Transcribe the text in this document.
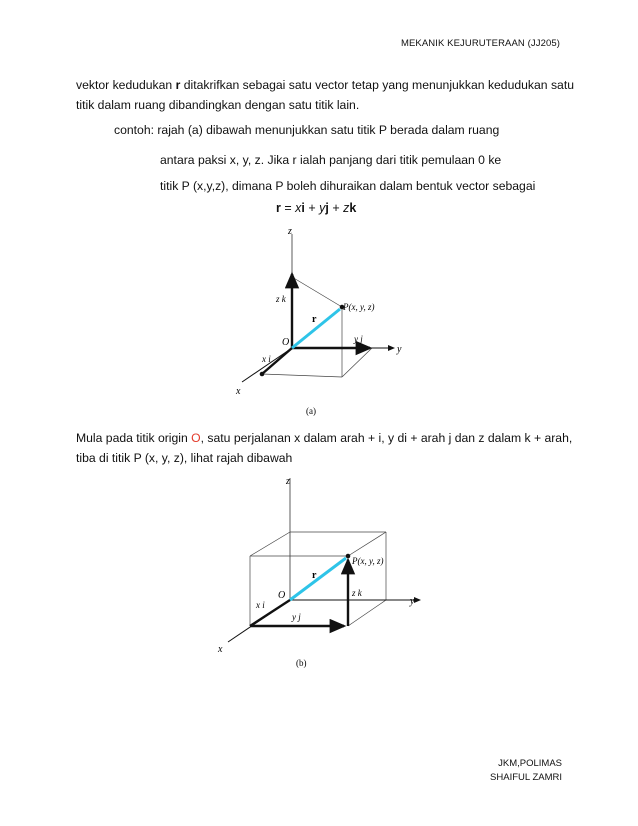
MEKANIK KEJURUTERAAN (JJ205)
vektor kedudukan r ditakrifkan sebagai satu vector tetap yang menunjukkan kedudukan satu titik dalam ruang dibandingkan dengan satu titik lain.
contoh: rajah (a) dibawah menunjukkan satu titik P berada dalam ruang
antara paksi x, y, z. Jika r ialah panjang dari titik pemulaan 0 ke
titik P (x,y,z), dimana P boleh dihuraikan dalam bentuk vector sebagai
r = xi + yj + zk
z
y
x
O
r
P(x, y, z)
z k
y j
x i
(a)
Mula pada titik origin O, satu perjalanan x dalam arah + i, y di + arah j dan z dalam k + arah, tiba di titik P (x, y, z), lihat rajah dibawah
z
y
x
O
r
P(x, y, z)
z k
y j
x i
(b)
JKM,POLIMAS
SHAIFUL ZAMRI
